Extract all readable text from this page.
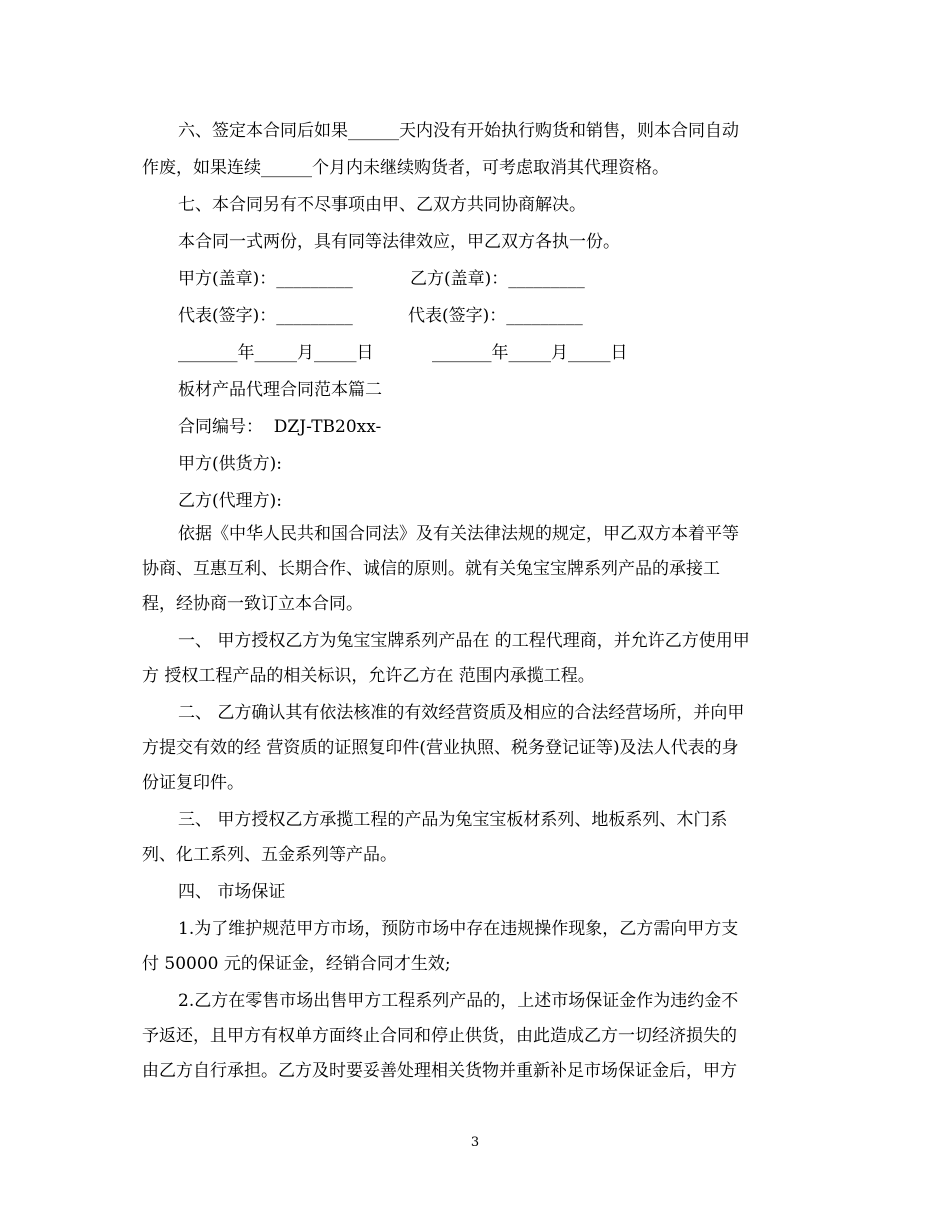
六、签定本合同后如果______天内没有开始执行购货和销售，则本合同自动
作废，如果连续______个月内未继续购货者，可考虑取消其代理资格。
七、本合同另有不尽事项由甲、乙双方共同协商解决。
本合同一式两份，具有同等法律效应，甲乙双方各执一份。
甲方(盖章)：_________	乙方(盖章)：_________
代表(签字)：_________	代表(签字)：_________
_______年_____月_____日	_______年_____月_____日
板材产品代理合同范本篇二
合同编号：  DZJ-TB20xx-
甲方(供货方):
乙方(代理方):
依据《中华人民共和国合同法》及有关法律法规的规定，甲乙双方本着平等
协商、互惠互利、长期合作、诚信的原则。就有关兔宝宝牌系列产品的承接工
程，经协商一致订立本合同。
一、 甲方授权乙方为兔宝宝牌系列产品在 的工程代理商，并允许乙方使用甲
方 授权工程产品的相关标识，允许乙方在 范围内承揽工程。
二、 乙方确认其有依法核准的有效经营资质及相应的合法经营场所，并向甲
方提交有效的经 营资质的证照复印件(营业执照、税务登记证等)及法人代表的身
份证复印件。
三、 甲方授权乙方承揽工程的产品为兔宝宝板材系列、地板系列、木门系
列、化工系列、五金系列等产品。
四、 市场保证
1.为了维护规范甲方市场，预防市场中存在违规操作现象，乙方需向甲方支
付 50000 元的保证金，经销合同才生效;
2.乙方在零售市场出售甲方工程系列产品的，上述市场保证金作为违约金不
予返还，且甲方有权单方面终止合同和停止供货，由此造成乙方一切经济损失的
由乙方自行承担。乙方及时要妥善处理相关货物并重新补足市场保证金后，甲方
3
